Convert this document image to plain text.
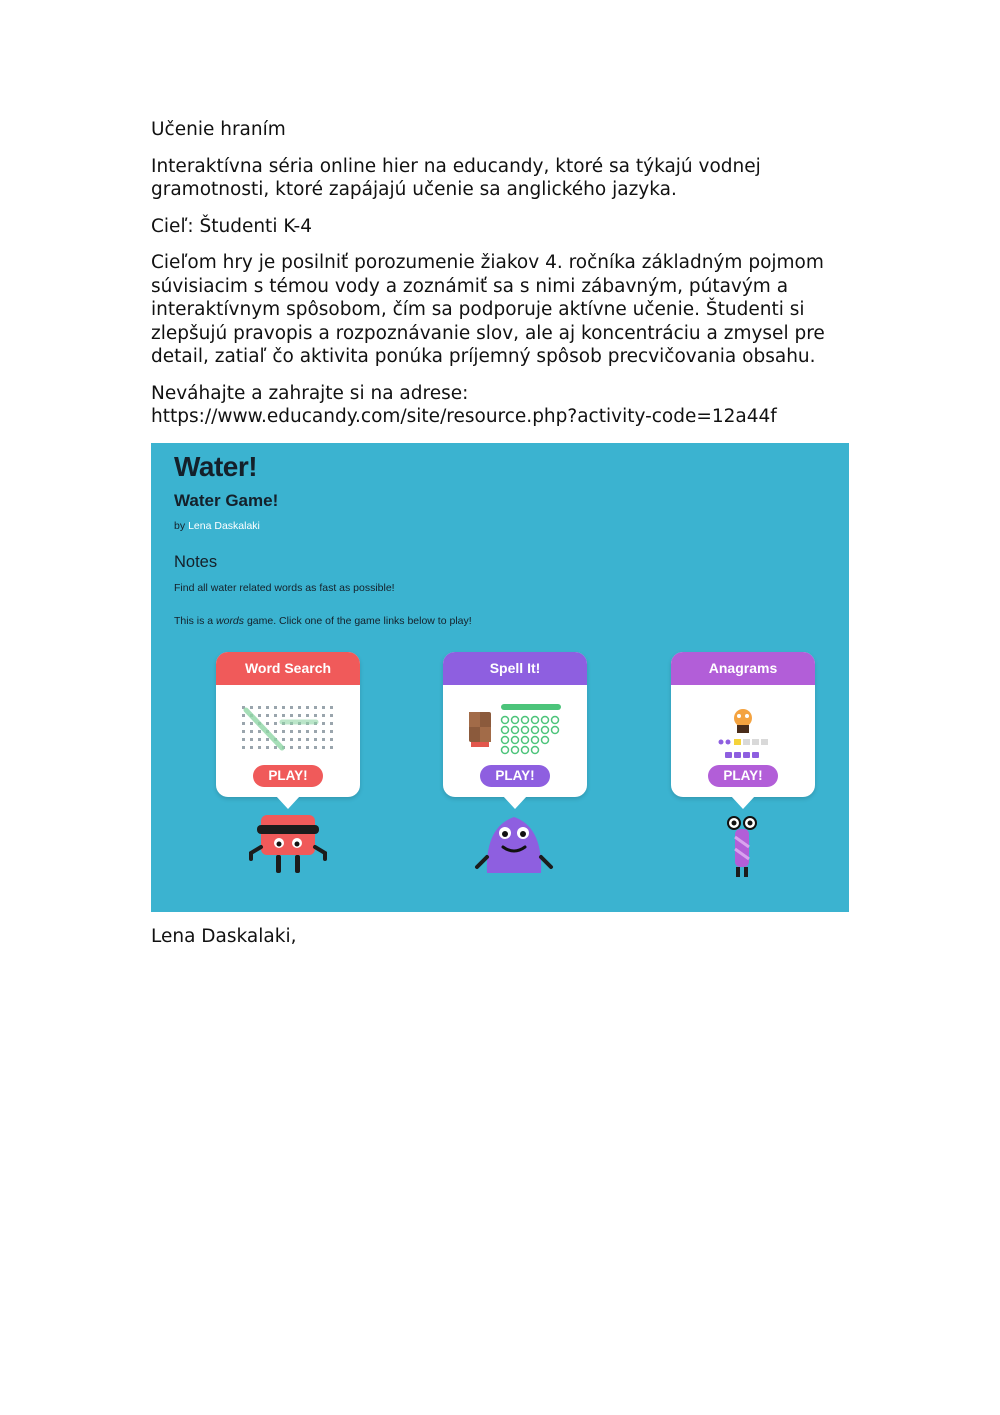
Učenie hraním

Interaktívna séria online hier na educandy, ktoré sa týkajú vodnej gramotnosti, ktoré zapájajú učenie sa anglického jazyka.

Cieľ: Študenti K-4

Cieľom hry je posilniť porozumenie žiakov 4. ročníka základným pojmom súvisiacim s témou vody a zoznámiť sa s nimi zábavným, pútavým a interaktívnym spôsobom, čím sa podporuje aktívne učenie. Študenti si zlepšujú pravopis a rozpoznávanie slov, ale aj koncentráciu a zmysel pre detail, zatiaľ čo aktivita ponúka príjemný spôsob precvičovania obsahu.

Neváhajte a zahrajte si na adrese:
https://www.educandy.com/site/resource.php?activity-code=12a44f

Water!
Water Game!
by Lena Daskalaki
Notes
Find all water related words as fast as possible!
This is a words game. Click one of the game links below to play!
Word Search
PLAY!
Spell It!
PLAY!
Anagrams
PLAY!
Lena Daskalaki,
